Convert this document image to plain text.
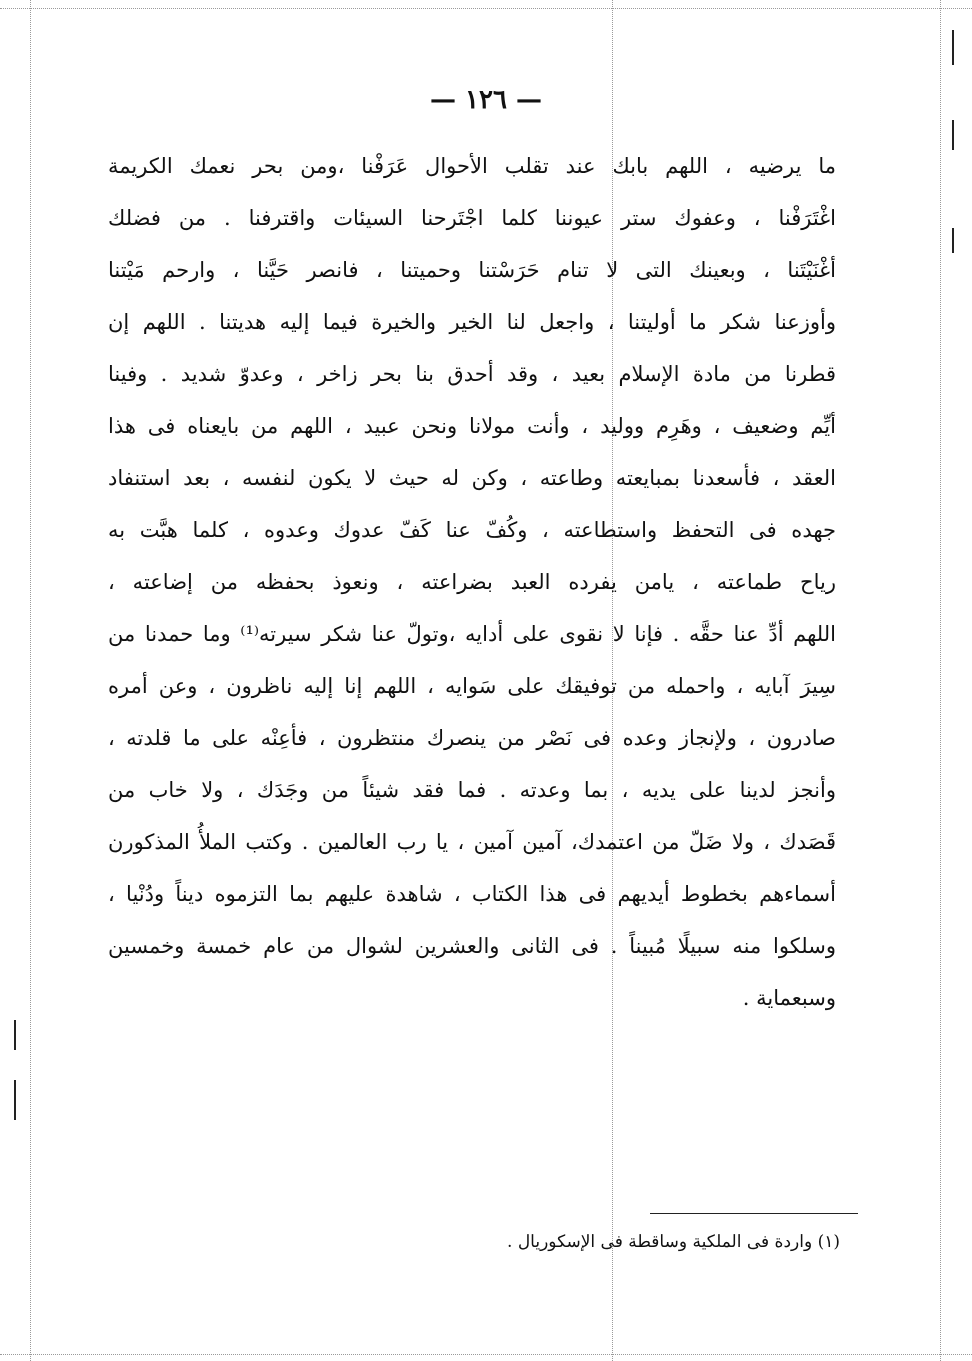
— ١٢٦ —
ما يرضيه ، اللهم بابك عند تقلب الأحوال عَرَفْنا ،ومن بحر نعمك الكريمة
اغْتَرَفْنا ، وعفوك ستر عيوننا كلما اجْتَرحنا السيئات واقترفنا . من فضلك
أغْنَيْتَنا ، وبعينك التى لا تنام حَرَسْتنا وحميتنا ، فانصر حَيَّنا ، وارحم مَيْتنا
وأوزعنا شكر ما أوليتنا ، واجعل لنا الخير والخيرة فيما إليه هديتنا . اللهم إن
قطرنا من مادة الإسلام بعيد ، وقد أحدق بنا بحر زاخر ، وعدوّ شديد . وفينا
أيِّم وضعيف ، وهَرِم ووليد ، وأنت مولانا ونحن عبيد ، اللهم من بايعناه فى هذا
العقد ، فأسعدنا بمبايعته وطاعته ، وكن له حيث لا يكون لنفسه ، بعد استنفاد
جهده فى التحفظ واستطاعته ، وكُفّ عنا كَفّ عدوك وعدوه ، كلما هبَّت به
رياح طماعته ، يامن يفرده العبد بضراعته ، ونعوذ بحفظه من إضاعته ،
اللهم أدِّ عنا حقَّه . فإنا لا نقوى على أدايه ،وتولّ عنا شكر سيرته⁽¹⁾ وما حمدنا من
سِيرَ آبايه ، واحمله من توفيقك على سَوايه ، اللهم إنا إليه ناظرون ، وعن أمره
صادرون ، ولإنجاز وعده فى نَصْر من ينصرك منتظرون ، فأعِنْه على ما قلدته ،
وأنجز لدينا على يديه ، بما وعدته . فما فقد شيئاً من وجَدَك ، ولا خاب من
قَصَدك ، ولا ضَلّ من اعتمدك، آمين آمين ، يا رب العالمين . وكتب الملأُ المذكورن
أسماءهم بخطوط أيديهم فى هذا الكتاب ، شاهدة عليهم بما التزموه ديناً ودُنْيا ،
وسلكوا منه سبيلًا مُبيناً . فى الثانى والعشرين لشوال من عام خمسة وخمسين
وسبعماية .
(١) واردة فى الملكية وساقطة فى الإسكوريال .
